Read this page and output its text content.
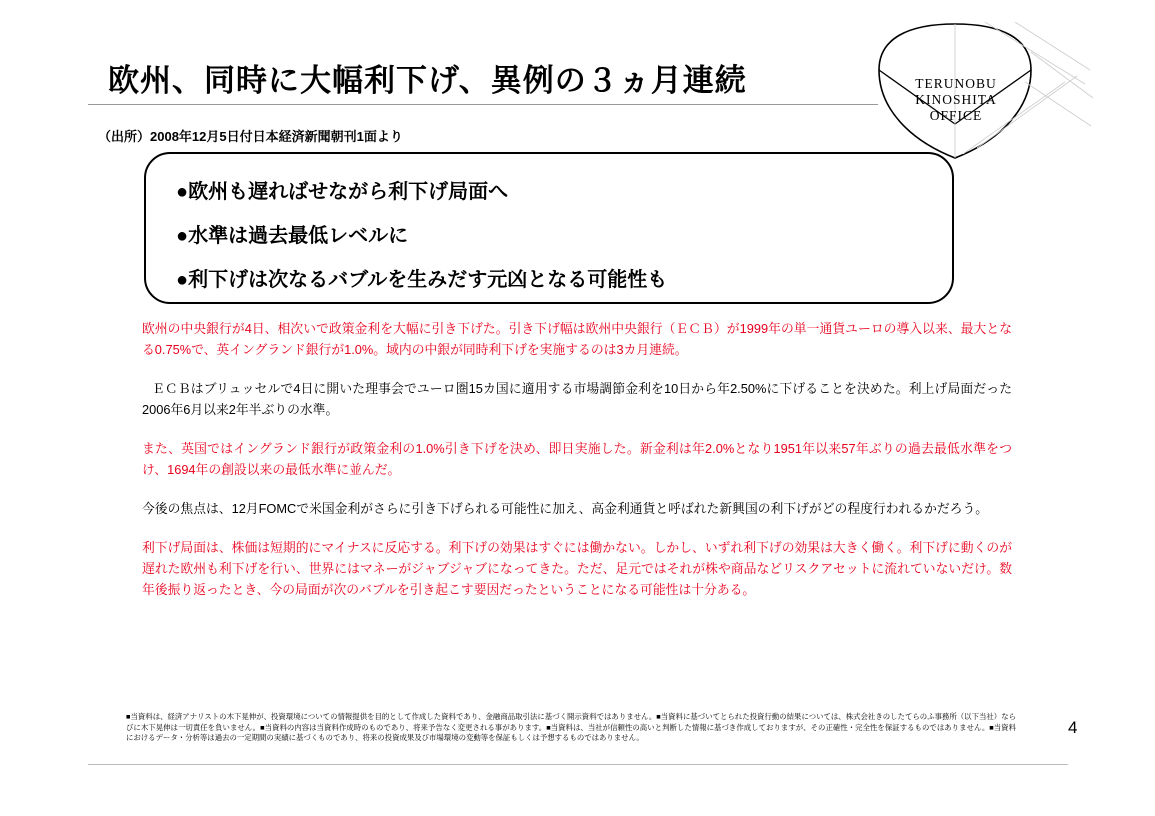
欧州、同時に大幅利下げ、異例の３ヵ月連続
（出所）2008年12月5日付日本経済新聞朝刊1面より
TERUNOBU
KINOSHITA
OFFICE
●欧州も遅ればせながら利下げ局面へ
●水準は過去最低レベルに
●利下げは次なるバブルを生みだす元凶となる可能性も
欧州の中央銀行が4日、相次いで政策金利を大幅に引き下げた。引き下げ幅は欧州中央銀行（ＥＣＢ）が1999年の単一通貨ユーロの導入以来、最大となる0.75%で、英イングランド銀行が1.0%。域内の中銀が同時利下げを実施するのは3カ月連続。
ＥＣＢはブリュッセルで4日に開いた理事会でユーロ圏15カ国に適用する市場調節金利を10日から年2.50%に下げることを決めた。利上げ局面だった2006年6月以来2年半ぶりの水準。
また、英国ではイングランド銀行が政策金利の1.0%引き下げを決め、即日実施した。新金利は年2.0%となり1951年以来57年ぶりの過去最低水準をつけ、1694年の創設以来の最低水準に並んだ。
今後の焦点は、12月FOMCで米国金利がさらに引き下げられる可能性に加え、高金利通貨と呼ばれた新興国の利下げがどの程度行われるかだろう。
利下げ局面は、株価は短期的にマイナスに反応する。利下げの効果はすぐには働かない。しかし、いずれ利下げの効果は大きく働く。利下げに動くのが遅れた欧州も利下げを行い、世界にはマネーがジャブジャブになってきた。ただ、足元ではそれが株や商品などリスクアセットに流れていないだけ。数年後振り返ったとき、今の局面が次のバブルを引き起こす要因だったということになる可能性は十分ある。
■当資料は、経済アナリストの木下晃伸が、投資環境についての情報提供を目的として作成した資料であり、金融商品取引法に基づく開示資料ではありません。■当資料に基づいてとられた投資行動の結果については、株式会社きのしたてらのふ事務所（以下当社）ならびに木下晃伸は一切責任を負いません。■当資料の内容は当資料作成時のものであり、将来予告なく変更される事があります。■当資料は、当社が信頼性の高いと判断した情報に基づき作成しておりますが、その正確性・完全性を保証するものではありません。■当資料におけるデータ・分析等は過去の一定期間の実績に基づくものであり、将来の投資成果及び市場環境の変動等を保証もしくは予想するものではありません。
4
